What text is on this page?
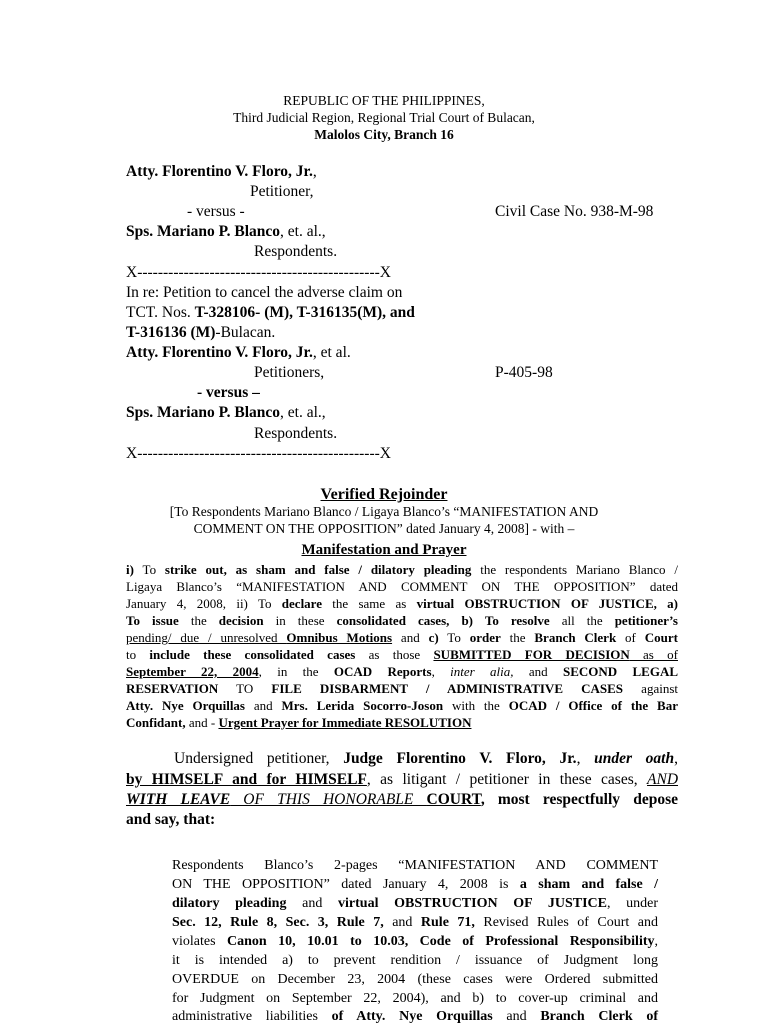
REPUBLIC OF THE PHILIPPINES,
Third Judicial Region, Regional Trial Court of Bulacan,
Malolos City, Branch 16
Atty. Florentino V. Floro, Jr.,
Petitioner,
- versus -	Civil Case No. 938-M-98
Sps. Mariano P. Blanco, et. al.,
Respondents.
X-----------------------------------------------X
In re: Petition to cancel the adverse claim on
TCT. Nos. T-328106- (M), T-316135(M), and
T-316136 (M)-Bulacan.
Atty. Florentino V. Floro, Jr., et al.
Petitioners,	P-405-98
- versus –
Sps. Mariano P. Blanco, et. al.,
Respondents.
X-----------------------------------------------X
Verified Rejoinder
[To Respondents Mariano Blanco / Ligaya Blanco’s “MANIFESTATION AND
COMMENT ON THE OPPOSITION” dated January 4, 2008] - with –
Manifestation and Prayer
i) To strike out, as sham and false / dilatory pleading the respondents Mariano Blanco /
Ligaya Blanco’s “MANIFESTATION AND COMMENT ON THE OPPOSITION” dated
January 4, 2008, ii) To declare the same as virtual OBSTRUCTION OF JUSTICE, a)
To issue the decision in these consolidated cases, b) To resolve all the petitioner’s
pending/ due / unresolved Omnibus Motions and c) To order the Branch Clerk of Court
to include these consolidated cases as those SUBMITTED FOR DECISION as of
September 22, 2004, in the OCAD Reports, inter alia, and SECOND LEGAL
RESERVATION TO FILE DISBARMENT / ADMINISTRATIVE CASES against
Atty. Nye Orquillas and Mrs. Lerida Socorro-Joson with the OCAD / Office of the Bar
Confidant, and - Urgent Prayer for Immediate RESOLUTION
Undersigned petitioner, Judge Florentino V. Floro, Jr., under oath,
by HIMSELF and for HIMSELF, as litigant / petitioner in these cases, AND
WITH LEAVE OF THIS HONORABLE COURT, most respectfully depose
and say, that:
Respondents Blanco’s 2-pages “MANIFESTATION AND COMMENT
ON THE OPPOSITION” dated January 4, 2008 is a sham and false /
dilatory pleading and virtual OBSTRUCTION OF JUSTICE, under
Sec. 12, Rule 8, Sec. 3, Rule 7, and Rule 71, Revised Rules of Court and
violates Canon 10, 10.01 to 10.03, Code of Professional Responsibility,
it is intended a) to prevent rendition / issuance of Judgment long
OVERDUE on December 23, 2004 (these cases were Ordered submitted
for Judgment on September 22, 2004), and b) to cover-up criminal and
administrative liabilities of Atty. Nye Orquillas and Branch Clerk of
